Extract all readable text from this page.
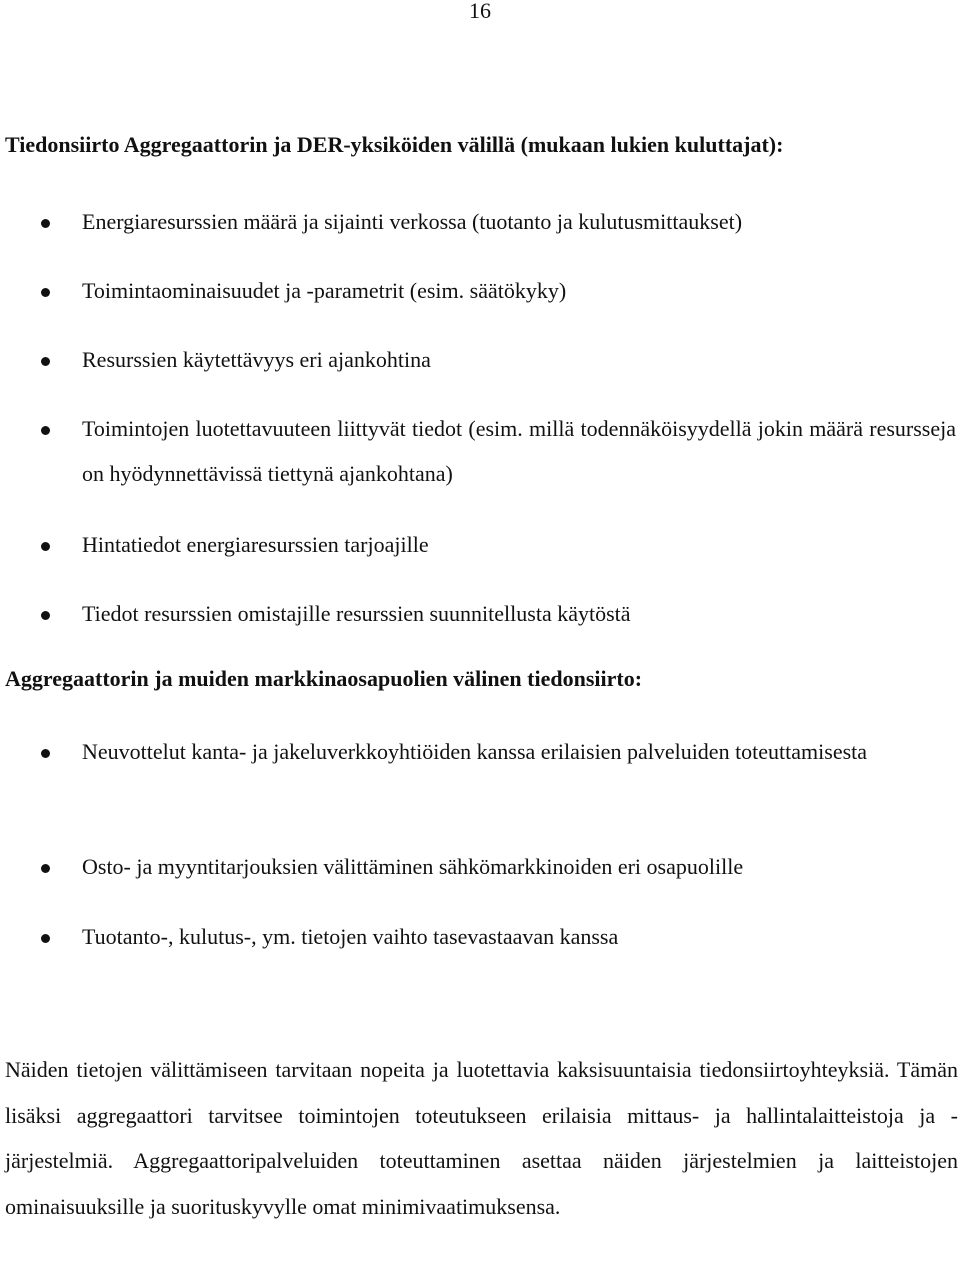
16
Tiedonsiirto Aggregaattorin ja DER-yksiköiden välillä (mukaan lukien kuluttajat):
Energiaresurssien määrä ja sijainti verkossa (tuotanto ja kulutusmittaukset)
Toimintaominaisuudet ja -parametrit (esim. säätökyky)
Resurssien käytettävyys eri ajankohtina
Toimintojen luotettavuuteen liittyvät tiedot (esim. millä todennäköisyydellä jokin määrä resursseja on hyödynnettävissä tiettynä ajankohtana)
Hintatiedot energiaresurssien tarjoajille
Tiedot resurssien omistajille resurssien suunnitellusta käytöstä
Aggregaattorin ja muiden markkinaosapuolien välinen tiedonsiirto:
Neuvottelut kanta- ja jakeluverkkoyhtiöiden kanssa erilaisien palveluiden toteuttamisesta
Osto- ja myyntitarjouksien välittäminen sähkömarkkinoiden eri osapuolille
Tuotanto-, kulutus-, ym. tietojen vaihto tasevastaavan kanssa
Näiden tietojen välittämiseen tarvitaan nopeita ja luotettavia kaksisuuntaisia tiedonsiirtoyhteyksiä. Tämän lisäksi aggregaattori tarvitsee toimintojen toteutukseen erilaisia mittaus- ja hallintalaitteistoja ja -järjestelmiä. Aggregaattoripalveluiden toteuttaminen asettaa näiden järjestelmien ja laitteistojen ominaisuuksille ja suorituskyvylle omat minimivaatimuksensa.
